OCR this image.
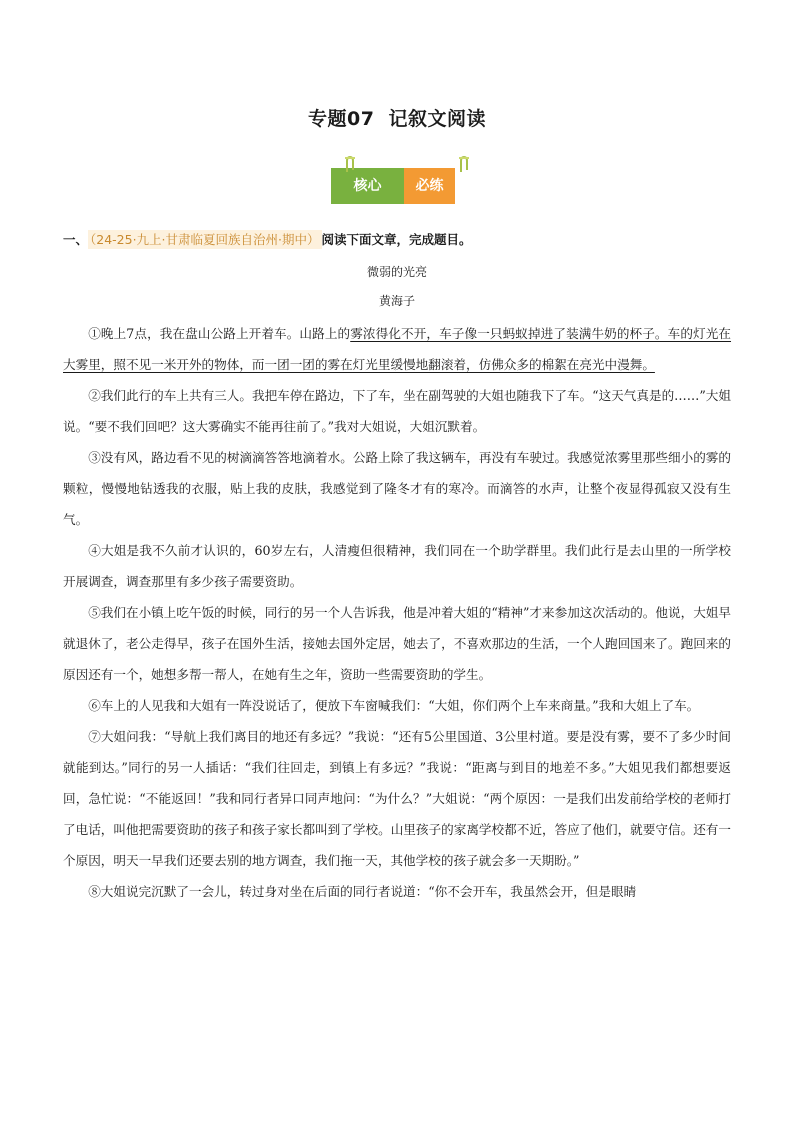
专题07 记叙文阅读
核心	必练
一、 （24-25·九上·甘肃临夏回族自治州·期中） 阅读下面文章，完成题目。
微弱的光亮
黄海子

①晚上7点，我在盘山公路上开着车。山路上的雾浓得化不开，车子像一只蚂蚁掉进了装满牛奶的杯子。车的灯光在大雾里，照不见一米开外的物体，而一团一团的雾在灯光里缓慢地翻滚着，仿佛众多的棉絮在亮光中漫舞。

②我们此行的车上共有三人。我把车停在路边，下了车，坐在副驾驶的大姐也随我下了车。“这天气真是的……”大姐说。“要不我们回吧？这大雾确实不能再往前了。”我对大姐说，大姐沉默着。

③没有风，路边看不见的树滴滴答答地滴着水。公路上除了我这辆车，再没有车驶过。我感觉浓雾里那些细小的雾的颗粒，慢慢地钻透我的衣服，贴上我的皮肤，我感觉到了隆冬才有的寒冷。而滴答的水声，让整个夜显得孤寂又没有生气。

④大姐是我不久前才认识的，60岁左右，人清瘦但很精神，我们同在一个助学群里。我们此行是去山里的一所学校开展调查，调查那里有多少孩子需要资助。

⑤我们在小镇上吃午饭的时候，同行的另一个人告诉我，他是冲着大姐的“精神”才来参加这次活动的。他说，大姐早就退休了，老公走得早，孩子在国外生活，接她去国外定居，她去了，不喜欢那边的生活，一个人跑回国来了。跑回来的原因还有一个，她想多帮一帮人，在她有生之年，资助一些需要资助的学生。

⑥车上的人见我和大姐有一阵没说话了，便放下车窗喊我们：“大姐，你们两个上车来商量。”我和大姐上了车。

⑦大姐问我：“导航上我们离目的地还有多远？”我说：“还有5公里国道、3公里村道。要是没有雾，要不了多少时间就能到达。”同行的另一人插话：“我们往回走，到镇上有多远？”我说：“距离与到目的地差不多。”大姐见我们都想要返回，急忙说：“不能返回！”我和同行者异口同声地问：“为什么？”大姐说：“两个原因：一是我们出发前给学校的老师打了电话，叫他把需要资助的孩子和孩子家长都叫到了学校。山里孩子的家离学校都不近，答应了他们，就要守信。还有一个原因，明天一早我们还要去别的地方调查，我们拖一天，其他学校的孩子就会多一天期盼。”

⑧大姐说完沉默了一会儿，转过身对坐在后面的同行者说道：“你不会开车，我虽然会开，但是眼睛
